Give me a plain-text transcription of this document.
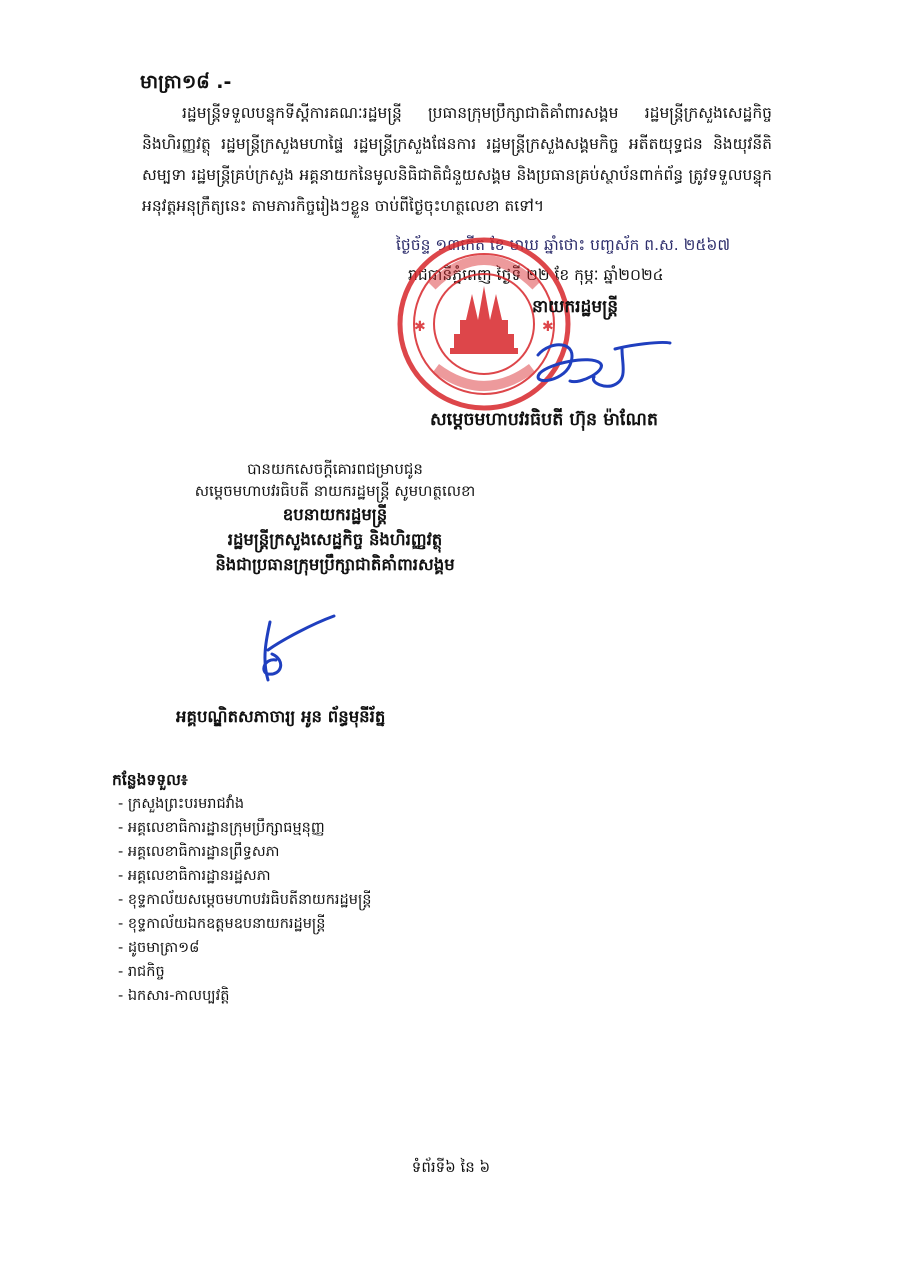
មាត្រា១៨ .-
រដ្ឋមន្ត្រីទទួលបន្ទុកទីស្តីការគណៈរដ្ឋមន្ត្រី ប្រធានក្រុមប្រឹក្សាជាតិគាំពារសង្គម រដ្ឋមន្ត្រីក្រសួងសេដ្ឋកិច្ច និងហិរញ្ញវត្ថុ រដ្ឋមន្ត្រីក្រសួងមហាផ្ទៃ រដ្ឋមន្ត្រីក្រសួងផែនការ រដ្ឋមន្ត្រីក្រសួងសង្គមកិច្ច អតីតយុទ្ធជន និងយុវនីតិសម្បទា រដ្ឋមន្ត្រីគ្រប់ក្រសួង អគ្គនាយកនៃមូលនិធិជាតិជំនួយសង្គម និងប្រធានគ្រប់ស្ថាប័នពាក់ព័ន្ធ ត្រូវទទួលបន្ទុកអនុវត្តអនុក្រឹត្យនេះ តាមភារកិច្ចរៀងៗខ្លួន ចាប់ពីថ្ងៃចុះហត្ថលេខា តទៅ។
ថ្ងៃច័ន្ទ ១៣កើត ខែ មាឃ ឆ្នាំថោះ បញ្ចស័ក ព.ស. ២៥៦៧
រាជធានីភ្នំពេញ ថ្ងៃទី ២២ ខែ កុម្ភៈ ឆ្នាំ២០២៤
✱	✱
នាយករដ្ឋមន្ត្រី
សម្តេចមហាបវរធិបតី ហ៊ុន ម៉ាណែត
បានយកសេចក្តីគោរពជម្រាបជូន
សម្តេចមហាបវរធិបតី នាយករដ្ឋមន្ត្រី សូមហត្ថលេខា
ឧបនាយករដ្ឋមន្ត្រី
រដ្ឋមន្ត្រីក្រសួងសេដ្ឋកិច្ច និងហិរញ្ញវត្ថុ
និងជាប្រធានក្រុមប្រឹក្សាជាតិគាំពារសង្គម
អគ្គបណ្ឌិតសភាចារ្យ អូន ព័ន្ធមុនីរ័ត្ន
កន្លែងទទួល៖
- ក្រសួងព្រះបរមរាជវាំង
- អគ្គលេខាធិការដ្ឋានក្រុមប្រឹក្សាធម្មនុញ្ញ
- អគ្គលេខាធិការដ្ឋានព្រឹទ្ធសភា
- អគ្គលេខាធិការដ្ឋានរដ្ឋសភា
- ខុទ្ទកាល័យសម្តេចមហាបវរធិបតីនាយករដ្ឋមន្ត្រី
- ខុទ្ទកាល័យឯកឧត្តមឧបនាយករដ្ឋមន្ត្រី
- ដូចមាត្រា១៨
- រាជកិច្ច
- ឯកសារ-កាលប្បវត្តិ
ទំព័រទី៦ នៃ ៦
